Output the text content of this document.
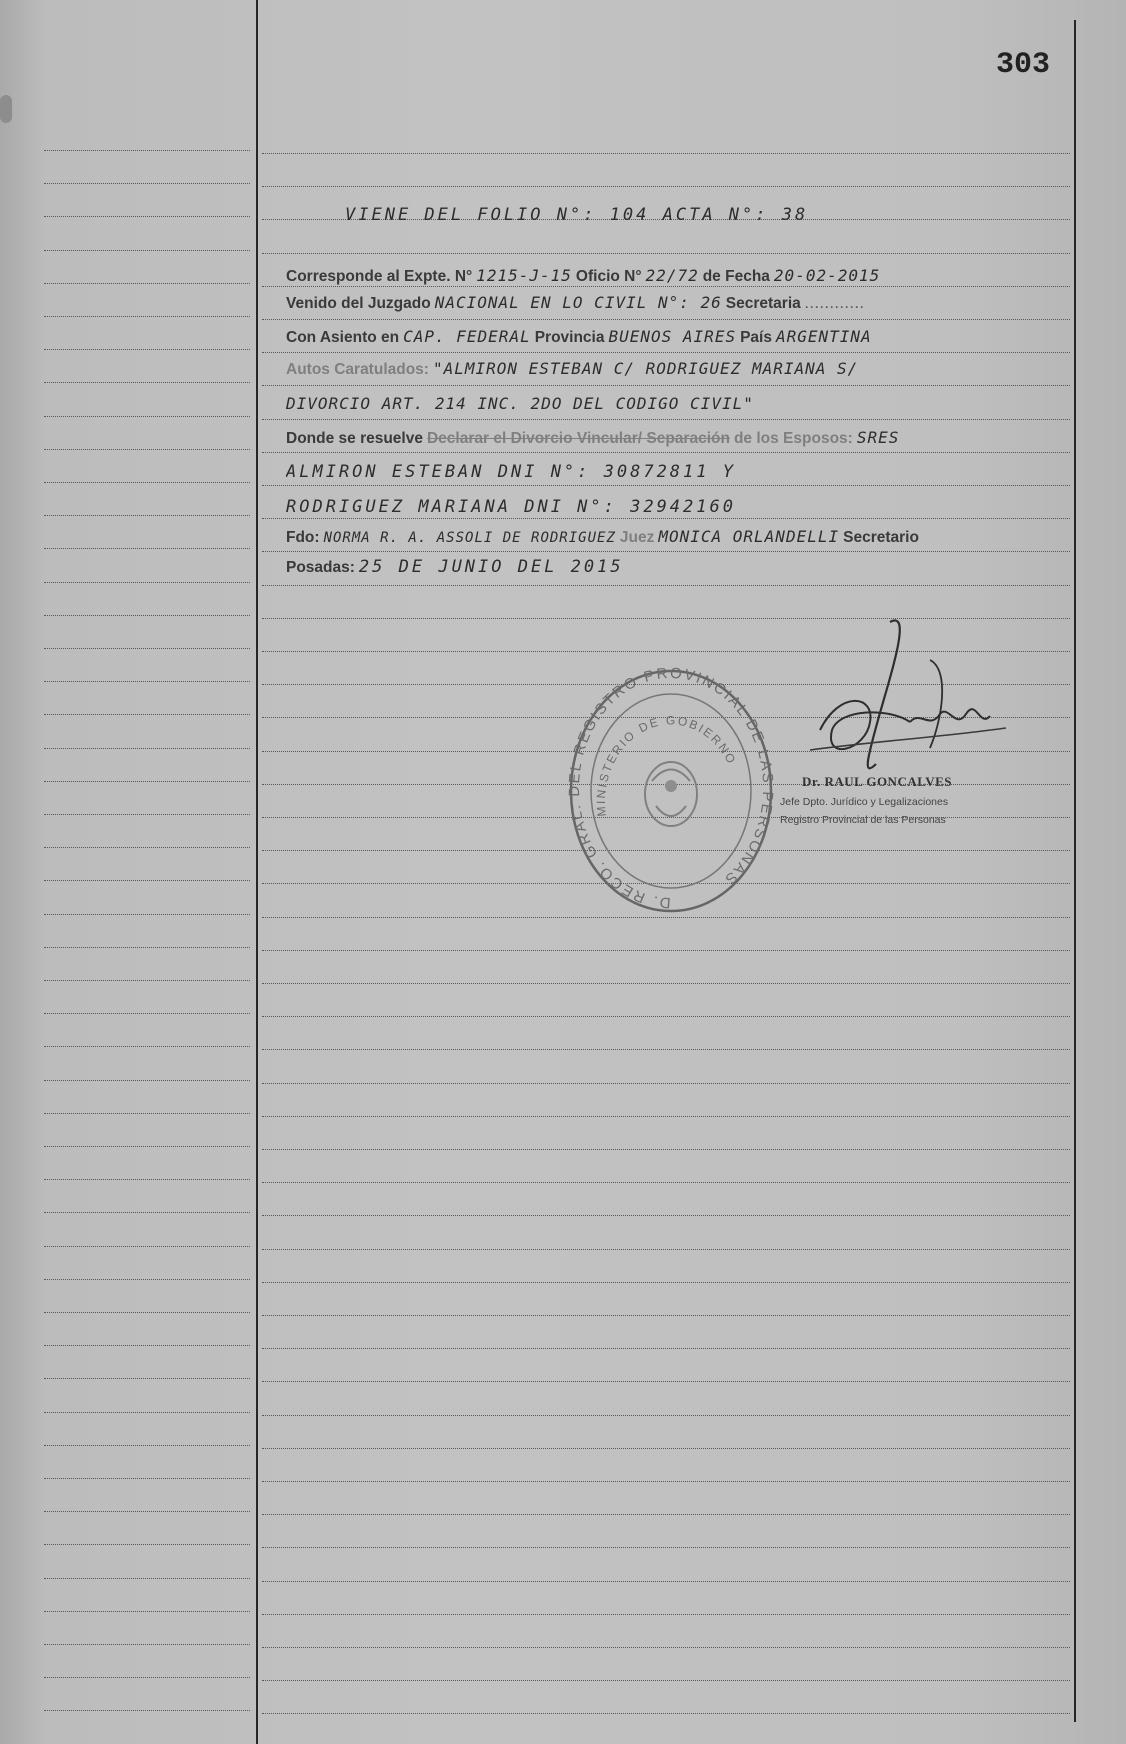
303
VIENE DEL FOLIO N°: 104 ACTA N°: 38
Corresponde al Expte. N° 1215-J-15 Oficio N° 22/72 de Fecha 20-02-2015
Venido del Juzgado NACIONAL EN LO CIVIL N°: 26 Secretaria ............
Con Asiento en CAP. FEDERAL Provincia BUENOS AIRES País ARGENTINA
Autos Caratulados: "ALMIRON ESTEBAN C/ RODRIGUEZ MARIANA S/
DIVORCIO ART. 214 INC. 2DO DEL CODIGO CIVIL"
Donde se resuelve Declarar el Divorcio Vincular/ Separación de los Esposos: SRES
ALMIRON ESTEBAN DNI N°: 30872811 Y
RODRIGUEZ MARIANA DNI N°: 32942160
Fdo: NORMA R. A. ASSOLI DE RODRIGUEZ Juez MONICA ORLANDELLI Secretario
Posadas: 25 DE JUNIO DEL 2015
D. RECO. GRAL. DEL REGISTRO PROVINCIAL DE LAS PERSONAS
MINISTERIO DE GOBIERNO
Dr. RAUL GONCALVES
Jefe Dpto. Jurídico y Legalizaciones
Registro Provincial de las Personas
